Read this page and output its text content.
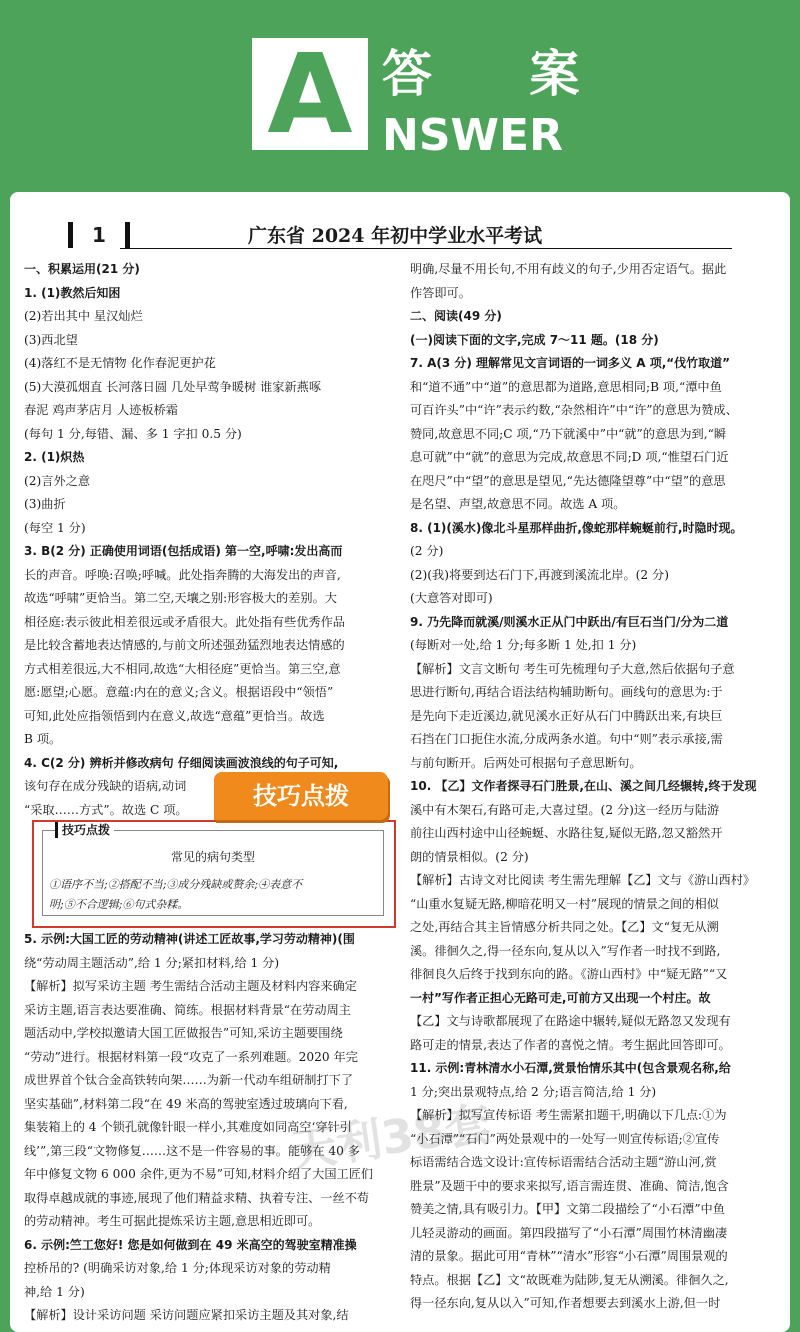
A 答 案
NSWER
1	广东省 2024 年初中学业水平考试
一、积累运用(21 分)
1. (1)教然后知困
(2)若出其中 星汉灿烂
(3)西北望
(4)落红不是无情物 化作春泥更护花
(5)大漠孤烟直 长河落日圆 几处早莺争暖树 谁家新燕啄
春泥 鸡声茅店月 人迹板桥霜
(每句 1 分,每错、漏、多 1 字扣 0.5 分)
2. (1)炽热
(2)言外之意
(3)曲折
(每空 1 分)
3. B(2 分) 正确使用词语(包括成语) 第一空,呼啸:发出高而
长的声音。呼唤:召唤;呼喊。此处指奔腾的大海发出的声音,
故选“呼啸”更恰当。第二空,天壤之别:形容极大的差别。大
相径庭:表示彼此相差很远或矛盾很大。此处指有些优秀作品
是比较含蓄地表达情感的,与前文所述强劲猛烈地表达情感的
方式相差很远,大不相同,故选“大相径庭”更恰当。第三空,意
愿:愿望;心愿。意蕴:内在的意义;含义。根据语段中“领悟”
可知,此处应指领悟到内在意义,故选“意蕴”更恰当。故选
B 项。
4. C(2 分) 辨析并修改病句 仔细阅读画波浪线的句子可知,
该句存在成分残缺的语病,动词
“采取……方式”。故选 C 项。
5. 示例:大国工匠的劳动精神(讲述工匠故事,学习劳动精神)(围
绕“劳动周主题活动”,给 1 分;紧扣材料,给 1 分)
【解析】拟写采访主题 考生需结合活动主题及材料内容来确定
采访主题,语言表达要准确、简练。根据材料背景“在劳动周主
题活动中,学校拟邀请大国工匠做报告”可知,采访主题要围绕
“劳动”进行。根据材料第一段“攻克了一系列难题。2020 年完
成世界首个钛合金高铁转向架……为新一代动车组研制打下了
坚实基础”,材料第二段“在 49 米高的驾驶室透过玻璃向下看,
集装箱上的 4 个锁孔就像针眼一样小,其难度如同高空‘穿针引
线’”,第三段“文物修复……这不是一件容易的事。能够在 40 多
年中修复文物 6 000 余件,更为不易”可知,材料介绍了大国工匠们
取得卓越成就的事迹,展现了他们精益求精、执着专注、一丝不苟
的劳动精神。考生可据此提炼采访主题,意思相近即可。
6. 示例:竺工您好! 您是如何做到在 49 米高空的驾驶室精准操
控桥吊的? (明确采访对象,给 1 分;体现采访对象的劳动精
神,给 1 分)
【解析】设计采访问题 采访问题应紧扣采访主题及其对象,结
明确,尽量不用长句,不用有歧义的句子,少用否定语气。据此
作答即可。
二、阅读(49 分)
(一)阅读下面的文字,完成 7～11 题。(18 分)
7. A(3 分) 理解常见文言词语的一词多义 A 项,“伐竹取道”
和“道不通”中“道”的意思都为道路,意思相同;B 项,“潭中鱼
可百许头”中“许”表示约数,“杂然相许”中“许”的意思为赞成、
赞同,故意思不同;C 项,“乃下就溪中”中“就”的意思为到,“瞬
息可就”中“就”的意思为完成,故意思不同;D 项,“惟望石门近
在咫尺”中“望”的意思是望见,“先达德隆望尊”中“望”的意思
是名望、声望,故意思不同。故选 A 项。
8. (1)(溪水)像北斗星那样曲折,像蛇那样蜿蜒前行,时隐时现。
(2 分)
(2)(我)将要到达石门下,再渡到溪流北岸。(2 分)
(大意答对即可)
9. 乃先降而就溪/则溪水正从门中跃出/有巨石当门/分为二道
(每断对一处,给 1 分;每多断 1 处,扣 1 分)
【解析】文言文断句 考生可先梳理句子大意,然后依据句子意
思进行断句,再结合语法结构辅助断句。画线句的意思为:于
是先向下走近溪边,就见溪水正好从石门中腾跃出来,有块巨
石挡在门口扼住水流,分成两条水道。句中“则”表示承接,需
与前句断开。后两处可根据句子意思断句。
10. 【乙】文作者探寻石门胜景,在山、溪之间几经辗转,终于发现
溪中有木架石,有路可走,大喜过望。(2 分)这一经历与陆游
前往山西村途中山径蜿蜒、水路往复,疑似无路,忽又豁然开
朗的情景相似。(2 分)
【解析】古诗文对比阅读 考生需先理解【乙】文与《游山西村》
“山重水复疑无路,柳暗花明又一村”展现的情景之间的相似
之处,再结合其主旨情感分析共同之处。【乙】文“复无从溯
溪。徘徊久之,得一径东向,复从以入”写作者一时找不到路,
徘徊良久后终于找到东向的路。《游山西村》中“疑无路”“又
一村”写作者正担心无路可走,可前方又出现一个村庄。故
【乙】文与诗歌都展现了在路途中辗转,疑似无路忽又发现有
路可走的情景,表达了作者的喜悦之情。考生据此回答即可。
11. 示例:青林清水小石潭,赏景怡情乐其中(包含景观名称,给
1 分;突出景观特点,给 2 分;语言简洁,给 1 分)
【解析】拟写宣传标语 考生需紧扣题干,明确以下几点:①为
“小石潭”“石门”两处景观中的一处写一则宣传标语;②宣传
标语需结合选文设计:宣传标语需结合活动主题“游山河,赏
胜景”及题干中的要求来拟写,语言需连贯、准确、简洁,饱含
赞美之情,具有吸引力。【甲】文第二段描绘了“小石潭”中鱼
儿轻灵游动的画面。第四段描写了“小石潭”周围竹林清幽凄
清的景象。据此可用“青林”“清水”形容“小石潭”周围景观的
特点。根据【乙】文“故既难为陆陟,复无从溯溪。徘徊久之,
得一径东向,复从以入”可知,作者想要去到溪水上游,但一时
技巧点拨
常见的病句类型
①语序不当;②搭配不当;③成分残缺或赘余;④表意不
明;⑤不合逻辑;⑥句式杂糅。
技巧点拨
天利38套
